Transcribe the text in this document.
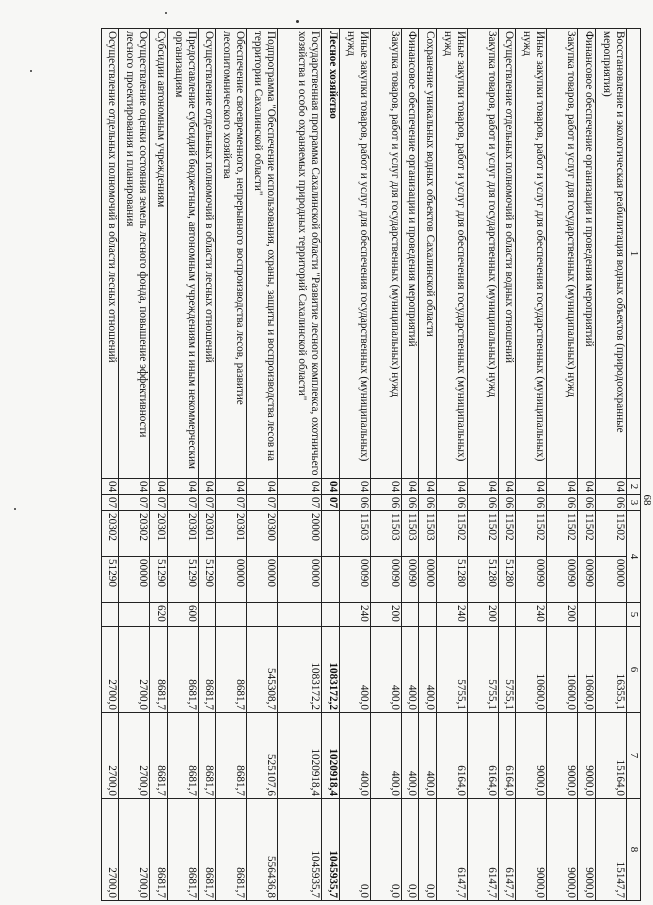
68
1	2	3	4		5	6	7	8
Восстановление и экологическая реабилитация водных объектов (природоохранные мероприятия)	04	06	11502	00000		16355,1	15164,0	15147,7
Финансовое обеспечение организации и проведения мероприятий	04	06	11502	00090		10600,0	9000,0	9000,0
Закупка товаров, работ и услуг для государственных (муниципальных) нужд	04	06	11502	00090	200	10600,0	9000,0	9000,0
Иные закупки товаров, работ и услуг для обеспечения государственных (муниципальных) нужд	04	06	11502	00090	240	10600,0	9000,0	9000,0
Осуществление отдельных полномочий в области водных отношений	04	06	11502	51280		5755,1	6164,0	6147,7
Закупка товаров, работ и услуг для государственных (муниципальных) нужд	04	06	11502	51280	200	5755,1	6164,0	6147,7
Иные закупки товаров, работ и услуг для обеспечения государственных (муниципальных) нужд	04	06	11502	51280	240	5755,1	6164,0	6147,7
Сохранение уникальных водных объектов Сахалинской области	04	06	11503	00000		400,0	400,0	0,0
Финансовое обеспечение организации и проведения мероприятий	04	06	11503	00090		400,0	400,0	0,0
Закупка товаров, работ и услуг для государственных (муниципальных) нужд	04	06	11503	00090	200	400,0	400,0	0,0
Иные закупки товаров, работ и услуг для обеспечения государственных (муниципальных) нужд	04	06	11503	00090	240	400,0	400,0	0,0
Лесное хозяйство	04	07				1083172,2	1020918,4	1045935,7
Государственная программа Сахалинской области "Развитие лесного комплекса, охотничьего хозяйства и особо охраняемых природных территорий Сахалинской области"	04	07	20000	00000		1083172,2	1020918,4	1045935,7
Подпрограмма "Обеспечение использования, охраны, защиты и воспроизводства лесов на территории Сахалинской области"	04	07	20300	00000		545308,7	525107,6	556436,8
Обеспечение своевременного, непрерывного воспроизводства лесов, развитие лесопитомнического хозяйства	04	07	20301	00000		8681,7	8681,7	8681,7
Осуществление отдельных полномочий в области лесных отношений	04	07	20301	51290		8681,7	8681,7	8681,7
Предоставление субсидий бюджетным, автономным учреждениям и иным некоммерческим организациям	04	07	20301	51290	600	8681,7	8681,7	8681,7
Субсидии автономным учреждениям	04	07	20301	51290	620	8681,7	8681,7	8681,7
Осуществление оценки состояния земель лесного фонда, повышение эффективности лесного проектирования и планирования	04	07	20302	00000		2700,0	2700,0	2700,0
Осуществление отдельных полномочий в области лесных отношений	04	07	20302	51290		2700,0	2700,0	2700,0
